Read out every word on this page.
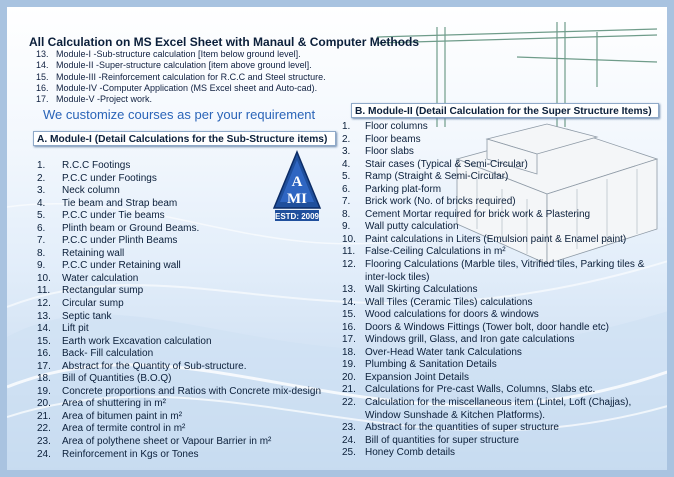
All Calculation on MS Excel Sheet with Manaul & Computer Methods
13. Module-I -Sub-structure calculation [Item below ground level].
14. Module-II -Super-structure calculation [item above ground level].
15. Module-III -Reinforcement calculation for R.C.C and Steel structure.
16. Module-IV -Computer Application (MS Excel sheet and Auto-cad).
17. Module-V -Project work.
We customize courses as per your requirement
A. Module-I (Detail Calculations for the Sub-Structure items)
B. Module-II (Detail Calculation for the Super Structure Items)
A
MI
ESTD: 2009
1. R.C.C Footings
2. P.C.C under Footings
3. Neck column
4. Tie beam and Strap beam
5. P.C.C under Tie beams
6. Plinth beam or Ground Beams.
7. P.C.C under Plinth Beams
8. Retaining wall
9. P.C.C under Retaining wall
10. Water calculation
11. Rectangular sump
12. Circular sump
13. Septic tank
14. Lift pit
15. Earth work Excavation calculation
16. Back- Fill calculation
17. Abstract for the Quantity of Sub-structure.
18. Bill of Quantities (B.O.Q)
19. Concrete proportions and Ratios with Concrete mix-design
20. Area of shuttering in m²
21. Area of bitumen paint in m²
22. Area of termite control in m²
23. Area of polythene sheet or Vapour Barrier in m²
24. Reinforcement in Kgs or Tones
1. Floor columns
2. Floor beams
3. Floor slabs
4. Stair cases (Typical & Semi-Circular)
5. Ramp (Straight & Semi-Circular)
6. Parking plat-form
7. Brick work (No. of bricks required)
8. Cement Mortar required for brick work & Plastering
9. Wall putty calculation
10. Paint calculations in Liters (Emulsion paint & Enamel paint)
11. False-Ceiling Calculations in m²
12. Flooring Calculations (Marble tiles, Vitrified tiles, Parking tiles &
inter-lock tiles)
13. Wall Skirting Calculations
14. Wall Tiles (Ceramic Tiles) calculations
15. Wood calculations for doors & windows
16. Doors & Windows Fittings (Tower bolt, door handle etc)
17. Windows grill, Glass, and Iron gate calculations
18. Over-Head Water tank Calculations
19. Plumbing & Sanitation Details
20. Expansion Joint Details
21. Calculations for Pre-cast Walls, Columns, Slabs etc.
22. Calculation for the miscellaneous item (Lintel, Loft (Chajjas),
Window Sunshade & Kitchen Platforms).
23. Abstract for the quantities of super structure
24. Bill of quantities for super structure
25. Honey Comb details
